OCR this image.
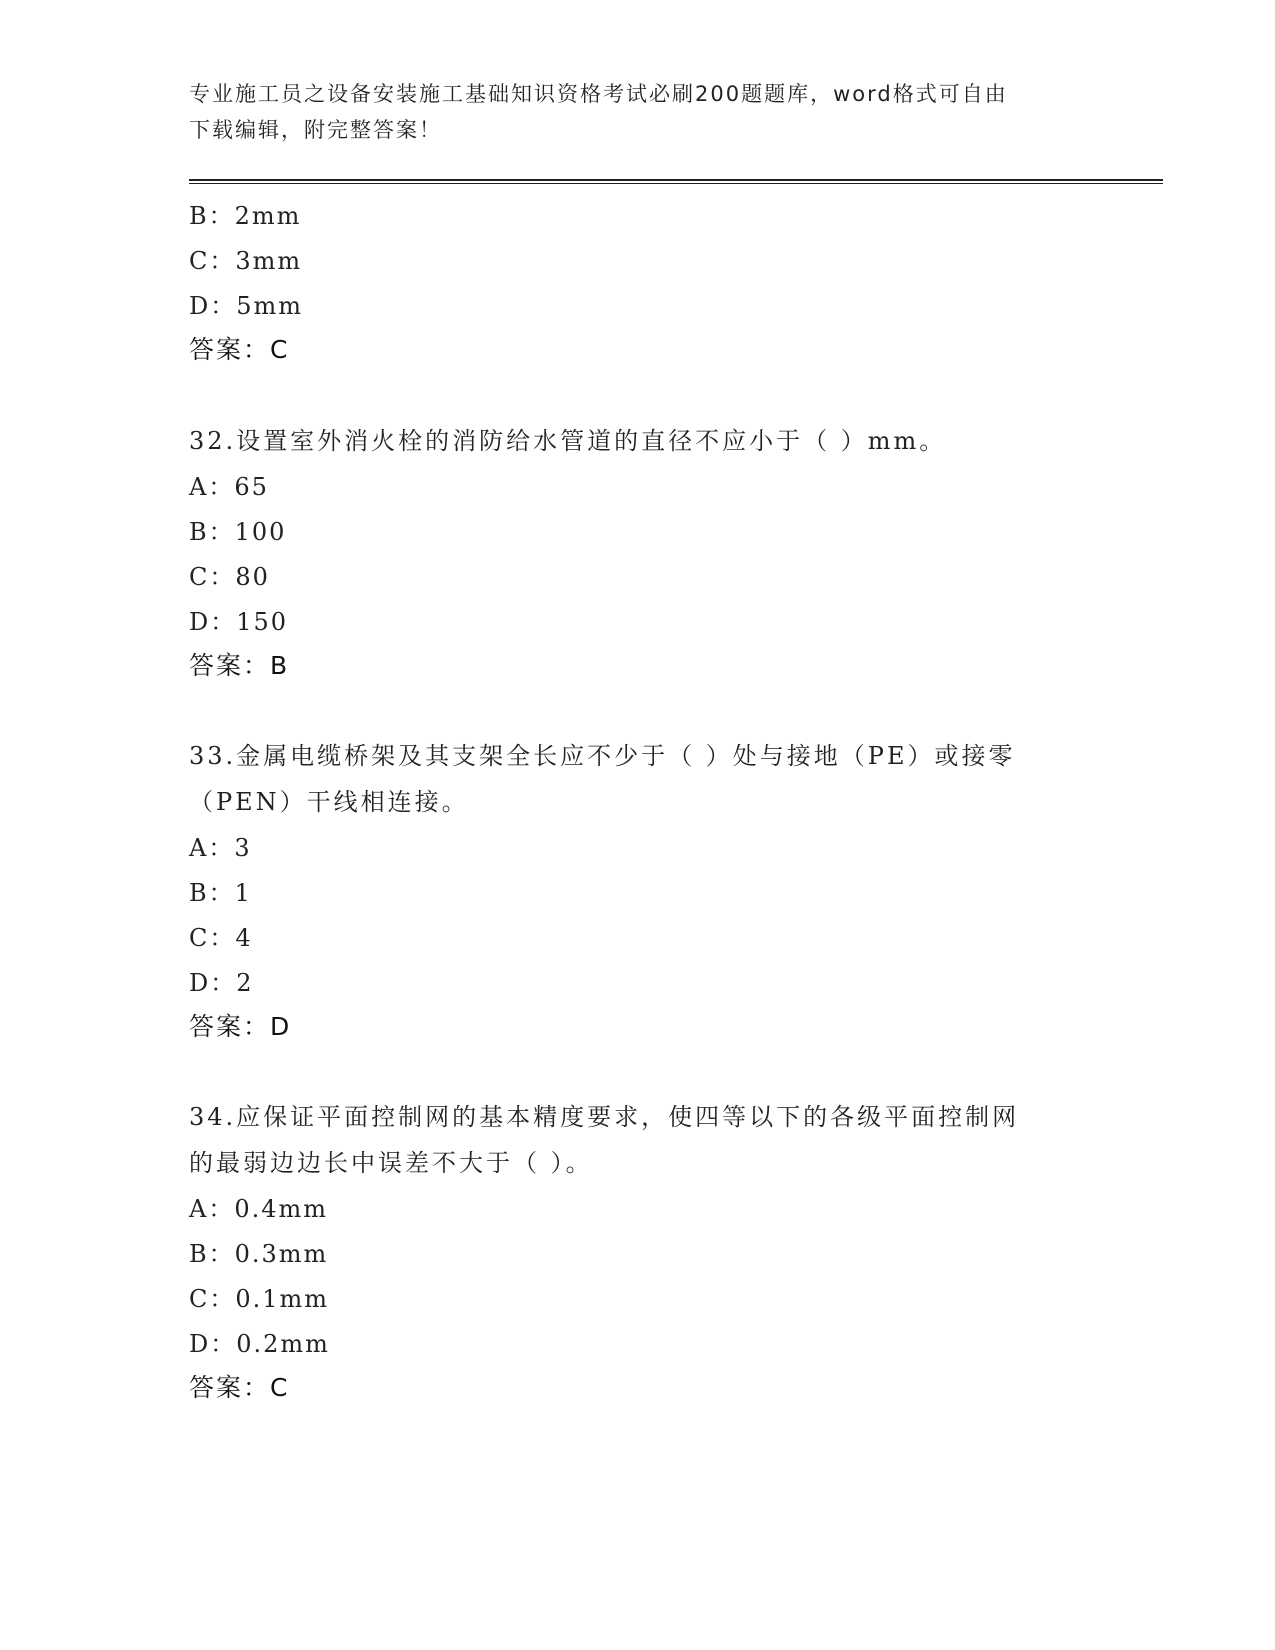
专业施工员之设备安装施工基础知识资格考试必刷200题题库，word格式可自由
下载编辑，附完整答案！
B：2mm
C：3mm
D：5mm
答案：C
32.设置室外消火栓的消防给水管道的直径不应小于（ ）mm。
A：65
B：100
C：80
D：150
答案：B
33.金属电缆桥架及其支架全长应不少于（ ）处与接地（PE）或接零
（PEN）干线相连接。
A：3
B：1
C：4
D：2
答案：D
34.应保证平面控制网的基本精度要求，使四等以下的各级平面控制网
的最弱边边长中误差不大于（ ）。
A：0.4mm
B：0.3mm
C：0.1mm
D：0.2mm
答案：C
